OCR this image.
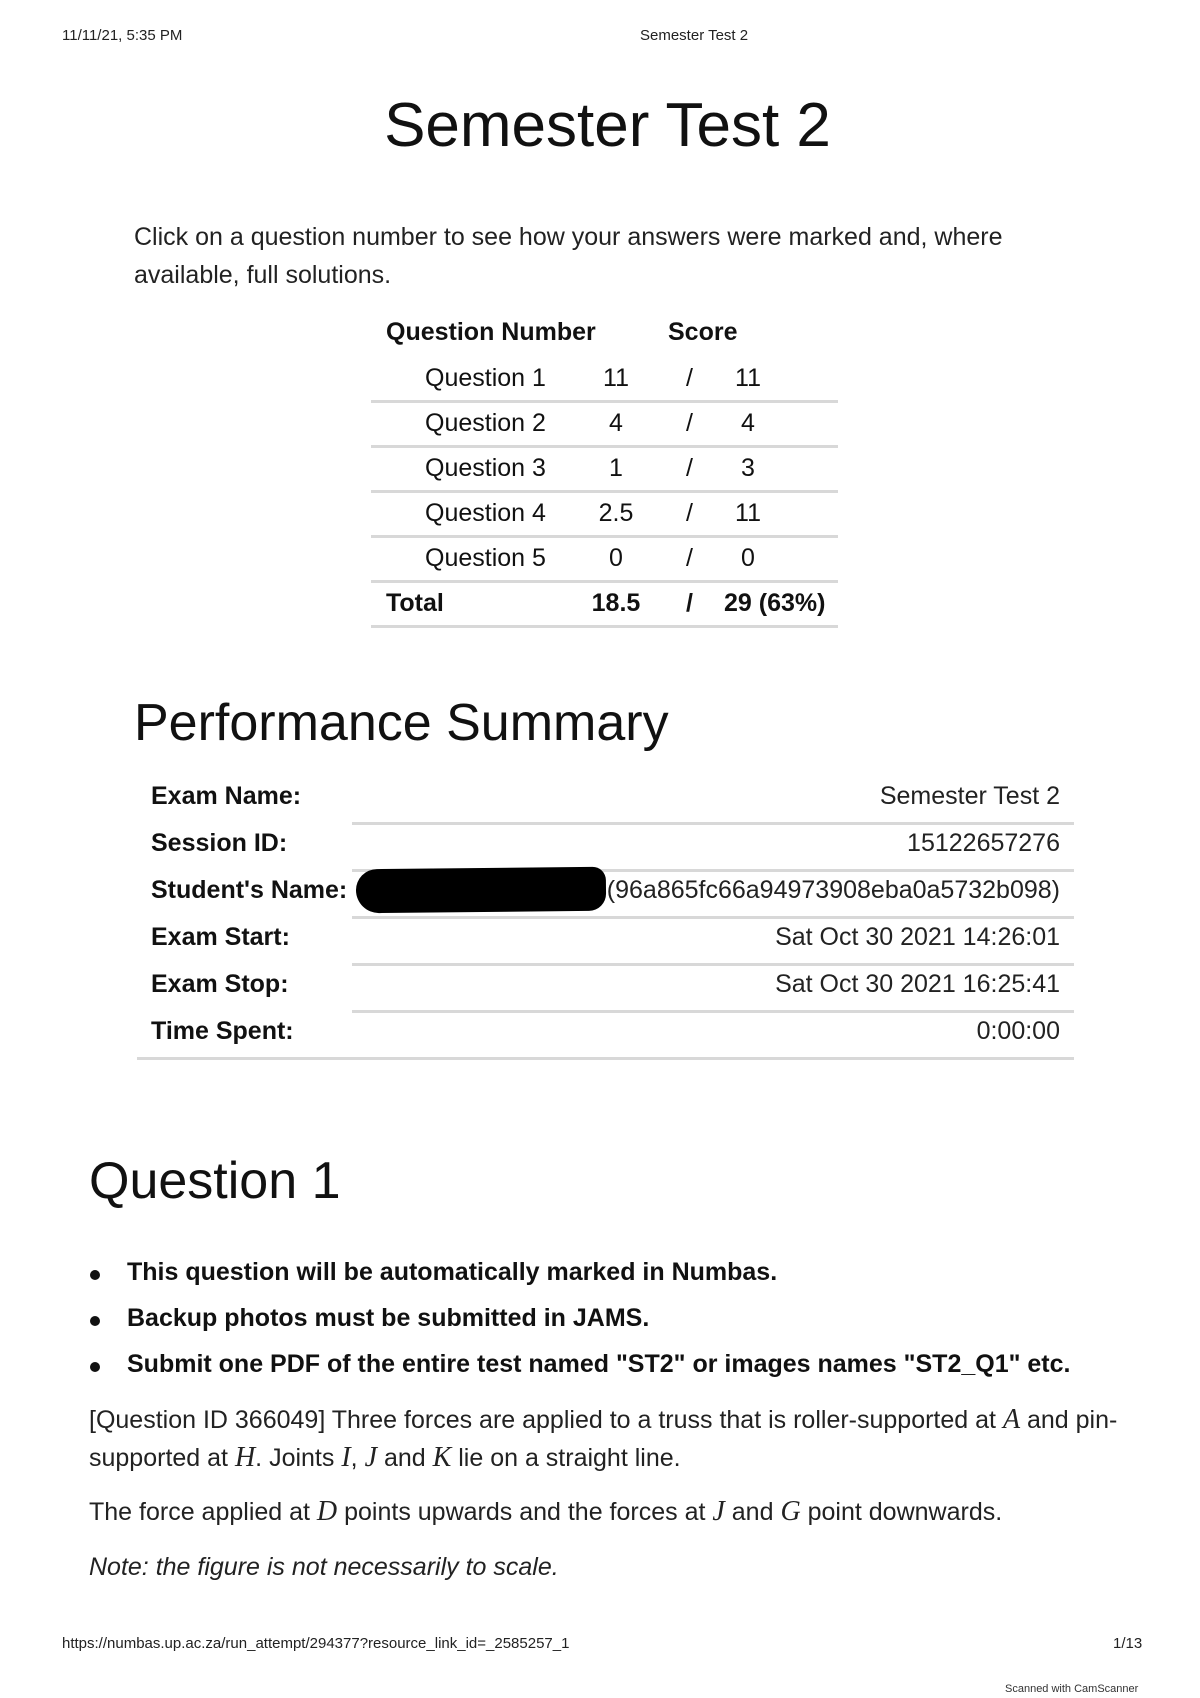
11/11/21, 5:35 PM	Semester Test 2
Semester Test 2
Click on a question number to see how your answers were marked and, where available, full solutions.
Question Number	Score
Question 1	11	/	11
Question 2	4	/	4
Question 3	1	/	3
Question 4	2.5	/	11
Question 5	0	/	0
Total	18.5 / 29 (63%)
Performance Summary
Exam Name:	Semester Test 2
Session ID:	15122657276
Student's Name:	(96a865fc66a94973908eba0a5732b098)
Exam Start:	Sat Oct 30 2021 14:26:01
Exam Stop:	Sat Oct 30 2021 16:25:41
Time Spent:	0:00:00
Question 1
This question will be automatically marked in Numbas.
Backup photos must be submitted in JAMS.
Submit one PDF of the entire test named "ST2" or images names "ST2_Q1" etc.
[Question ID 366049] Three forces are applied to a truss that is roller-supported at A and pin-supported at H. Joints I, J and K lie on a straight line.
The force applied at D points upwards and the forces at J and G point downwards.
Note: the figure is not necessarily to scale.
https://numbas.up.ac.za/run_attempt/294377?resource_link_id=_2585257_1	1/13
Scanned with CamScanner
